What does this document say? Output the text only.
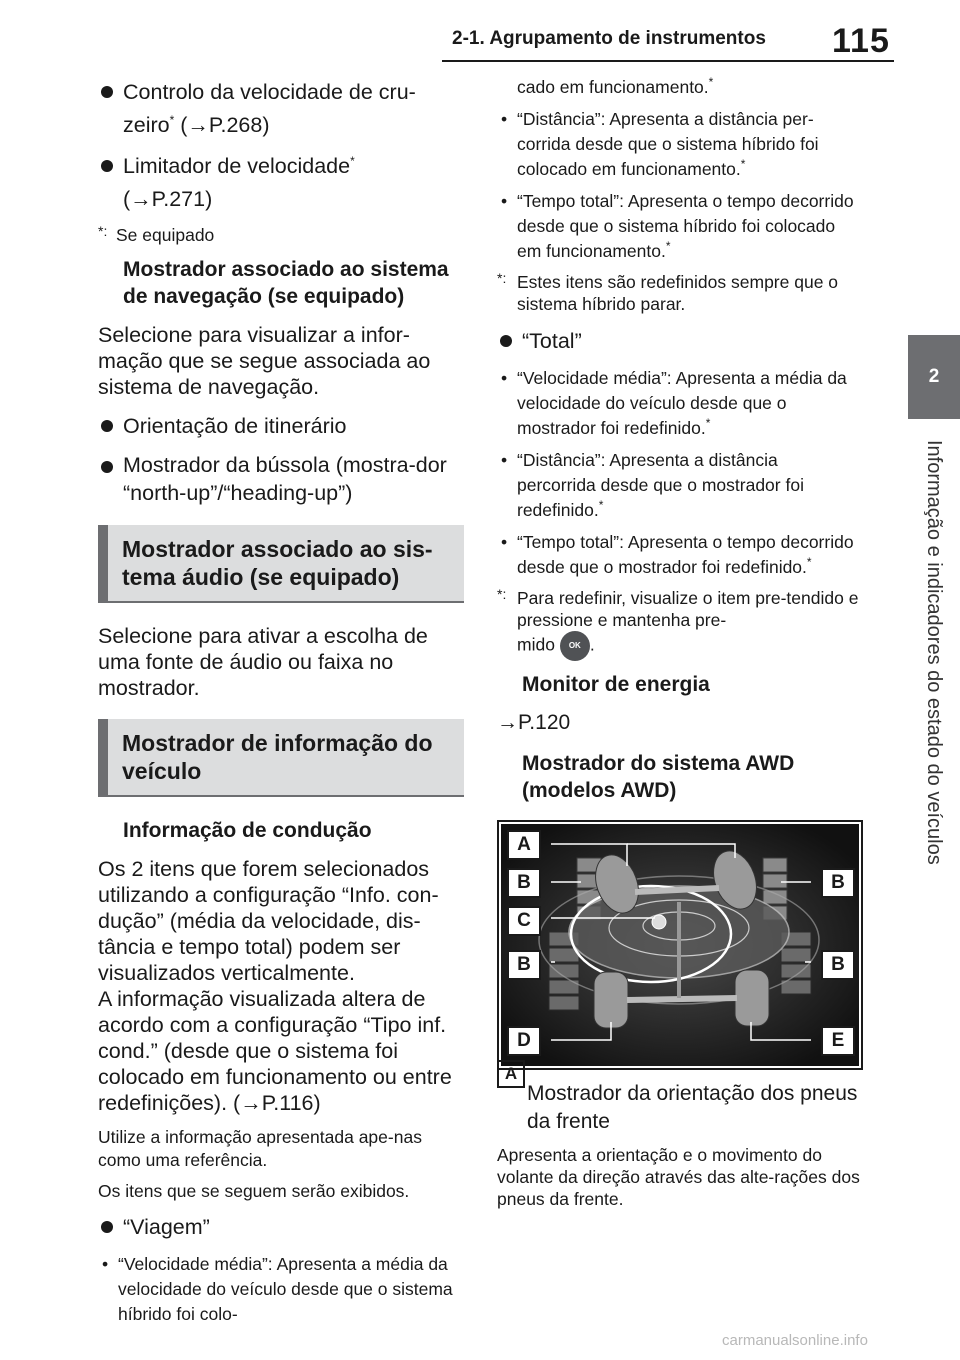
2-1. Agrupamento de instrumentos 115
2
Informação e indicadores do estado do veículos
Controlo da velocidade de cru-
zeiro* (→P.268)
Limitador de velocidade*
(→P.271)
*: Se equipado
Mostrador associado ao sistema de navegação (se equipado)
Selecione para visualizar a infor-mação que se segue associada ao sistema de navegação.
Orientação de itinerário
Mostrador da bússola (mostra-dor “north-up”/“heading-up”)
Mostrador associado ao sis-tema áudio (se equipado)
Selecione para ativar a escolha de uma fonte de áudio ou faixa no mostrador.
Mostrador de informação do veículo
Informação de condução
Os 2 itens que forem selecionados utilizando a configuração “Info. con-dução” (média da velocidade, dis-tância e tempo total) podem ser visualizados verticalmente.
A informação visualizada altera de acordo com a configuração “Tipo inf. cond.” (desde que o sistema foi colocado em funcionamento ou entre redefinições). (→P.116)
Utilize a informação apresentada ape-nas como uma referência.
Os itens que se seguem serão exibidos.
“Viagem”
• “Velocidade média”: Apresenta a média da velocidade do veículo desde que o sistema híbrido foi colo-
cado em funcionamento.*
• “Distância”: Apresenta a distância per-corrida desde que o sistema híbrido foi colocado em funcionamento.*
• “Tempo total”: Apresenta o tempo decorrido desde que o sistema híbrido foi colocado em funcionamento.*
*: Estes itens são redefinidos sempre que o sistema híbrido parar.
“Total”
• “Velocidade média”: Apresenta a média da velocidade do veículo desde que o mostrador foi redefinido.*
• “Distância”: Apresenta a distância percorrida desde que o mostrador foi redefinido.*
• “Tempo total”: Apresenta o tempo decorrido desde que o mostrador foi redefinido.*
*: Para redefinir, visualize o item pre-tendido e pressione e mantenha pre-
mido OK .
Monitor de energia
→P.120
Mostrador do sistema AWD (modelos AWD)
A
B	B
C
B	B
D	E
A
Mostrador da orientação dos pneus da frente
Apresenta a orientação e o movimento do volante da direção através das alte-rações dos pneus da frente.
carmanualsonline.info
